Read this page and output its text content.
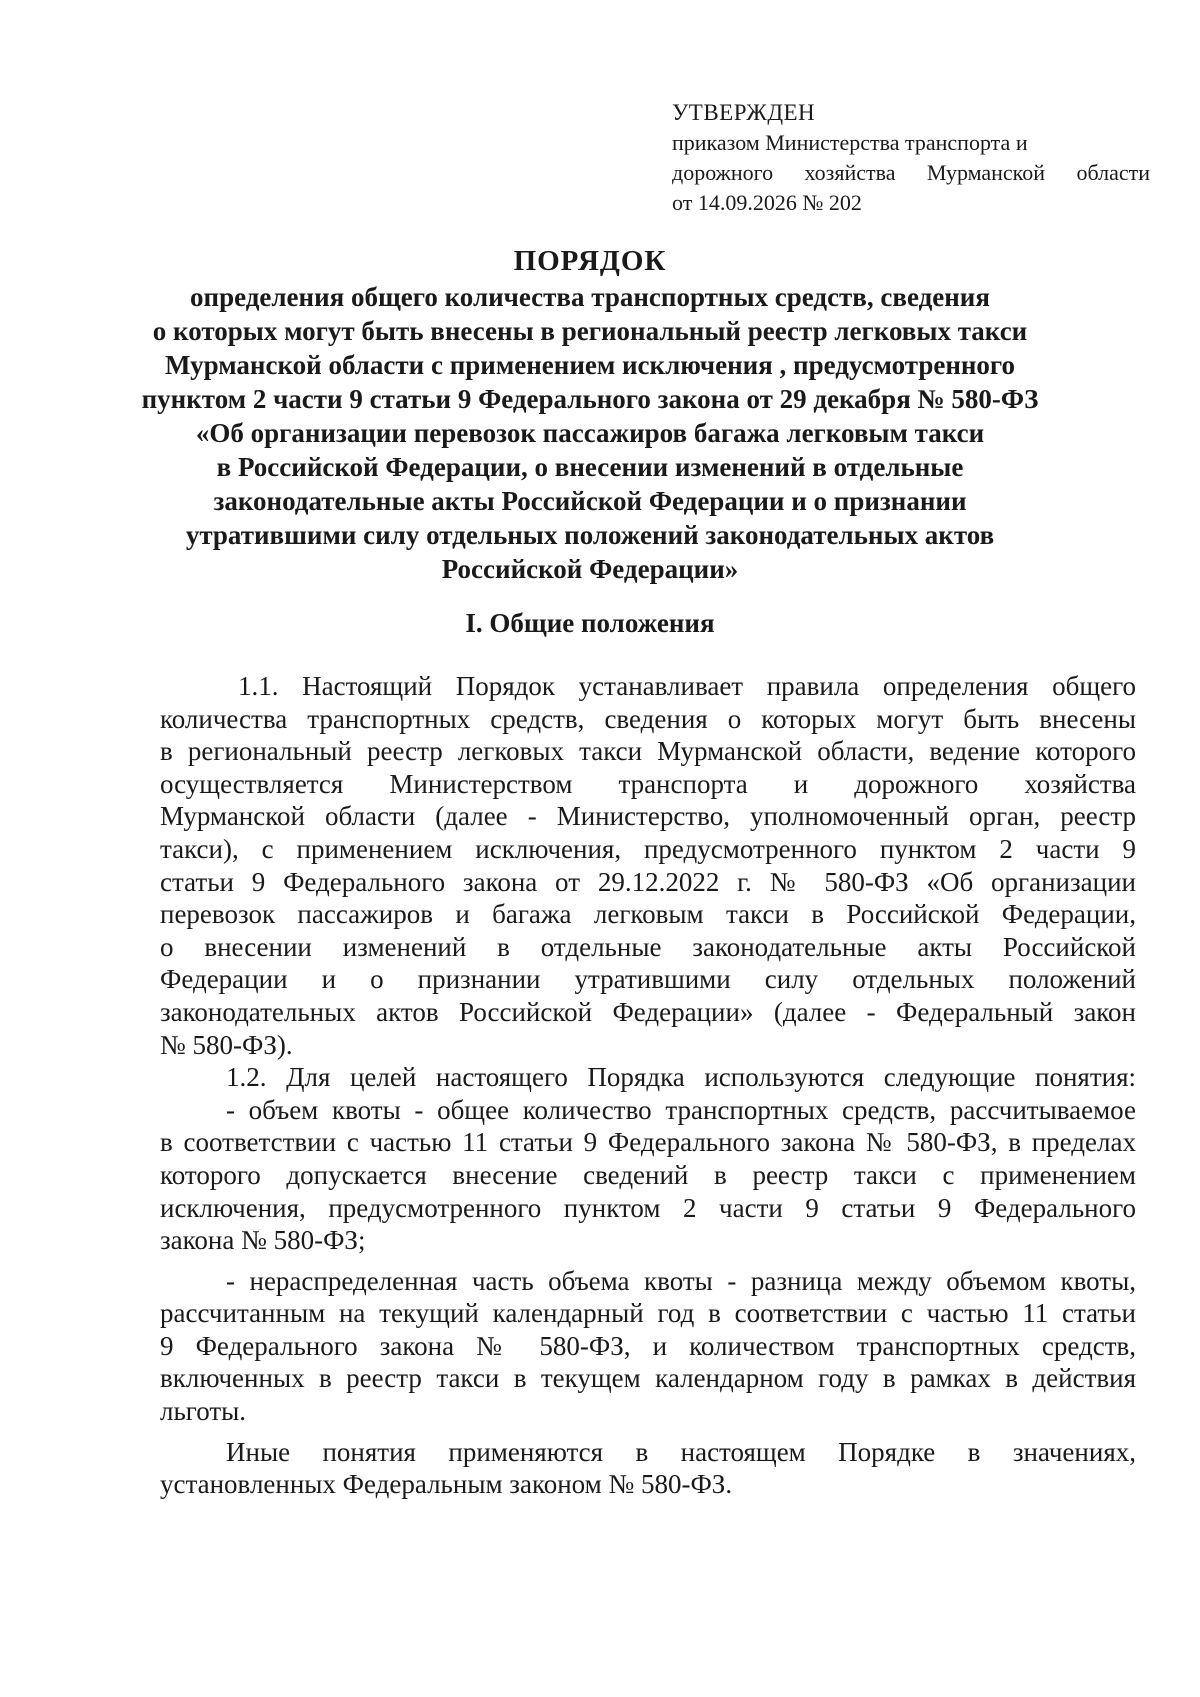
УТВЕРЖДЕН
приказом Министерства транспорта и
дорожного хозяйства Мурманской области
от 14.09.2026 № 202
ПОРЯДОК
определения общего количества транспортных средств, сведения
о которых могут быть внесены в региональный реестр легковых такси
Мурманской области с применением исключения , предусмотренного
пунктом 2 части 9 статьи 9 Федерального закона от 29 декабря № 580-ФЗ
«Об организации перевозок пассажиров багажа легковым такси
в Российской Федерации, о внесении изменений в отдельные
законодательные акты Российской Федерации и о признании
утратившими силу отдельных положений законодательных актов
Российской Федерации»
I. Общие положения
1.1. Настоящий Порядок устанавливает правила определения общего
количества транспортных средств, сведения о которых могут быть внесены
в региональный реестр легковых такси Мурманской области, ведение которого
осуществляется Министерством транспорта и дорожного хозяйства
Мурманской области (далее - Министерство, уполномоченный орган, реестр
такси), с применением исключения, предусмотренного пунктом 2 части 9
статьи 9 Федерального закона от 29.12.2022 г. № 580-ФЗ «Об организации
перевозок пассажиров и багажа легковым такси в Российской Федерации,
о внесении изменений в отдельные законодательные акты Российской
Федерации и о признании утратившими силу отдельных положений
законодательных актов Российской Федерации» (далее - Федеральный закон
№ 580-ФЗ).
1.2. Для целей настоящего Порядка используются следующие понятия:
- объем квоты - общее количество транспортных средств, рассчитываемое
в соответствии с частью 11 статьи 9 Федерального закона № 580-ФЗ, в пределах
которого допускается внесение сведений в реестр такси с применением
исключения, предусмотренного пунктом 2 части 9 статьи 9 Федерального
закона № 580-ФЗ;
- нераспределенная часть объема квоты - разница между объемом квоты,
рассчитанным на текущий календарный год в соответствии с частью 11 статьи
9 Федерального закона № 580-ФЗ, и количеством транспортных средств,
включенных в реестр такси в текущем календарном году в рамках в действия
льготы.
Иные понятия применяются в настоящем Порядке в значениях,
установленных Федеральным законом № 580-ФЗ.
